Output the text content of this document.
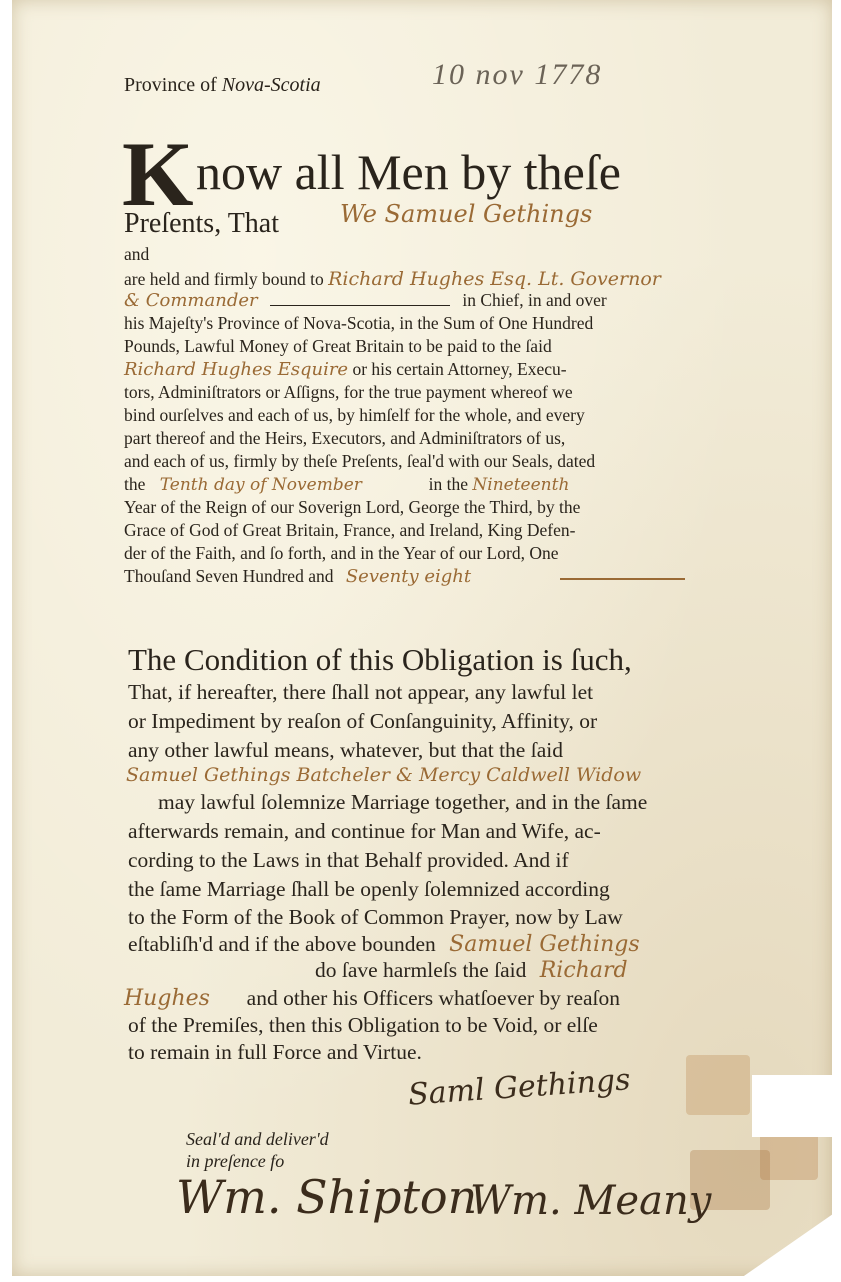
Province of Nova-Scotia	10 nov 1778
K now all Men by theſe
Preſents, That	We Samuel Gethings
and
are held and firmly bound to Richard Hughes Esq. Lt. Governor
& Commander	in Chief, in and over
his Majeſty's Province of Nova-Scotia, in the Sum of One Hundred
Pounds, Lawful Money of Great Britain to be paid to the ſaid
Richard Hughes Esquire or his certain Attorney, Execu-
tors, Adminiſtrators or Aſſigns, for the true payment whereof we
bind ourſelves and each of us, by himſelf for the whole, and every
part thereof and the Heirs, Executors, and Adminiſtrators of us,
and each of us, firmly by theſe Preſents, ſeal'd with our Seals, dated
the Tenth day of November	in the Nineteenth
Year of the Reign of our Soverign Lord, George the Third, by the
Grace of God of Great Britain, France, and Ireland, King Defen-
der of the Faith, and ſo forth, and in the Year of our Lord, One
Thouſand Seven Hundred and Seventy eight
The Condition of this Obligation is ſuch,
That, if hereafter, there ſhall not appear, any lawful let
or Impediment by reaſon of Conſanguinity, Affinity, or
any other lawful means, whatever, but that the ſaid
Samuel Gethings Batcheler & Mercy Caldwell Widow
may lawful ſolemnize Marriage together, and in the ſame
afterwards remain, and continue for Man and Wife, ac-
cording to the Laws in that Behalf provided. And if
the ſame Marriage ſhall be openly ſolemnized according
to the Form of the Book of Common Prayer, now by Law
eſtabliſh'd and if the above bounden Samuel Gethings
do ſave harmleſs the ſaid Richard
Hughes and other his Officers whatſoever by reaſon
of the Premiſes, then this Obligation to be Void, or elſe
to remain in full Force and Virtue.
Saml Gethings
Seal'd and deliver'd
in preſence fo
Wm. Shipton
Wm. Meany
